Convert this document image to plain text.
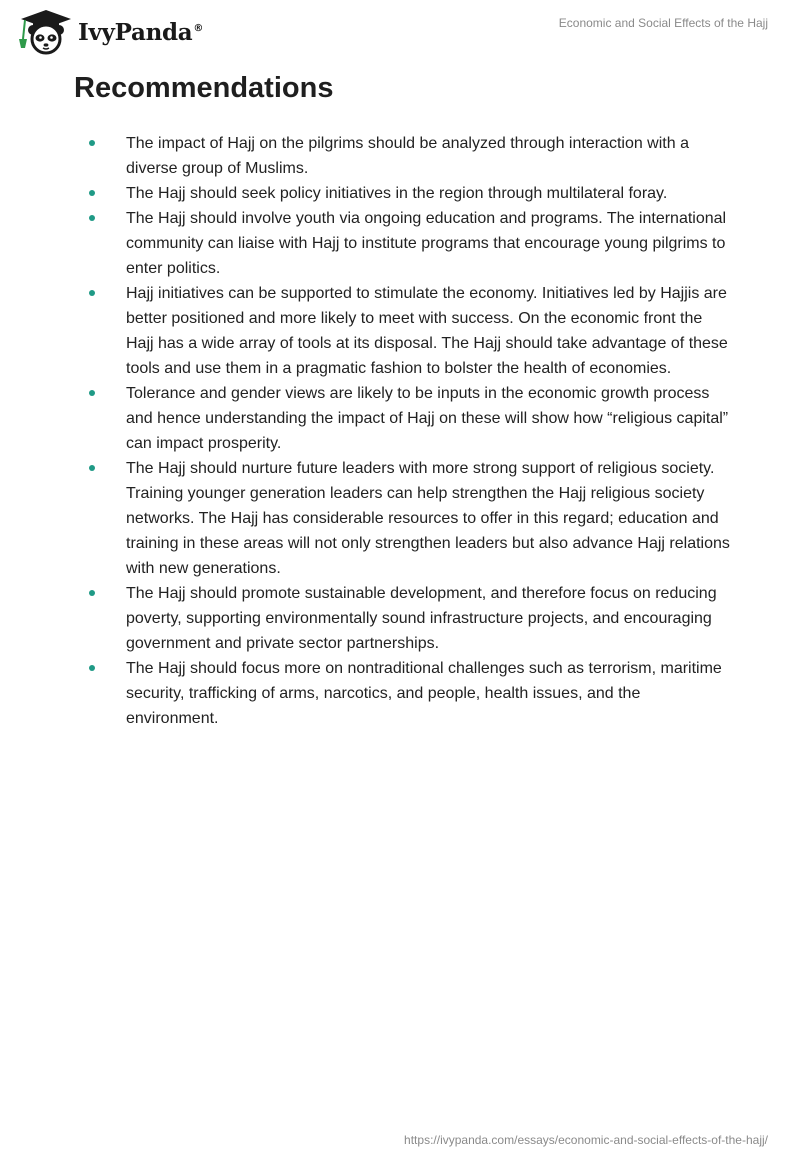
IvyPanda®	Economic and Social Effects of the Hajj
Recommendations
The impact of Hajj on the pilgrims should be analyzed through interaction with a diverse group of Muslims.
The Hajj should seek policy initiatives in the region through multilateral foray.
The Hajj should involve youth via ongoing education and programs. The international community can liaise with Hajj to institute programs that encourage young pilgrims to enter politics.
Hajj initiatives can be supported to stimulate the economy. Initiatives led by Hajjis are better positioned and more likely to meet with success. On the economic front the Hajj has a wide array of tools at its disposal. The Hajj should take advantage of these tools and use them in a pragmatic fashion to bolster the health of economies.
Tolerance and gender views are likely to be inputs in the economic growth process and hence understanding the impact of Hajj on these will show how “religious capital” can impact prosperity.
The Hajj should nurture future leaders with more strong support of religious society. Training younger generation leaders can help strengthen the Hajj religious society networks. The Hajj has considerable resources to offer in this regard; education and training in these areas will not only strengthen leaders but also advance Hajj relations with new generations.
The Hajj should promote sustainable development, and therefore focus on reducing poverty, supporting environmentally sound infrastructure projects, and encouraging government and private sector partnerships.
The Hajj should focus more on nontraditional challenges such as terrorism, maritime security, trafficking of arms, narcotics, and people, health issues, and the environment.
https://ivypanda.com/essays/economic-and-social-effects-of-the-hajj/
